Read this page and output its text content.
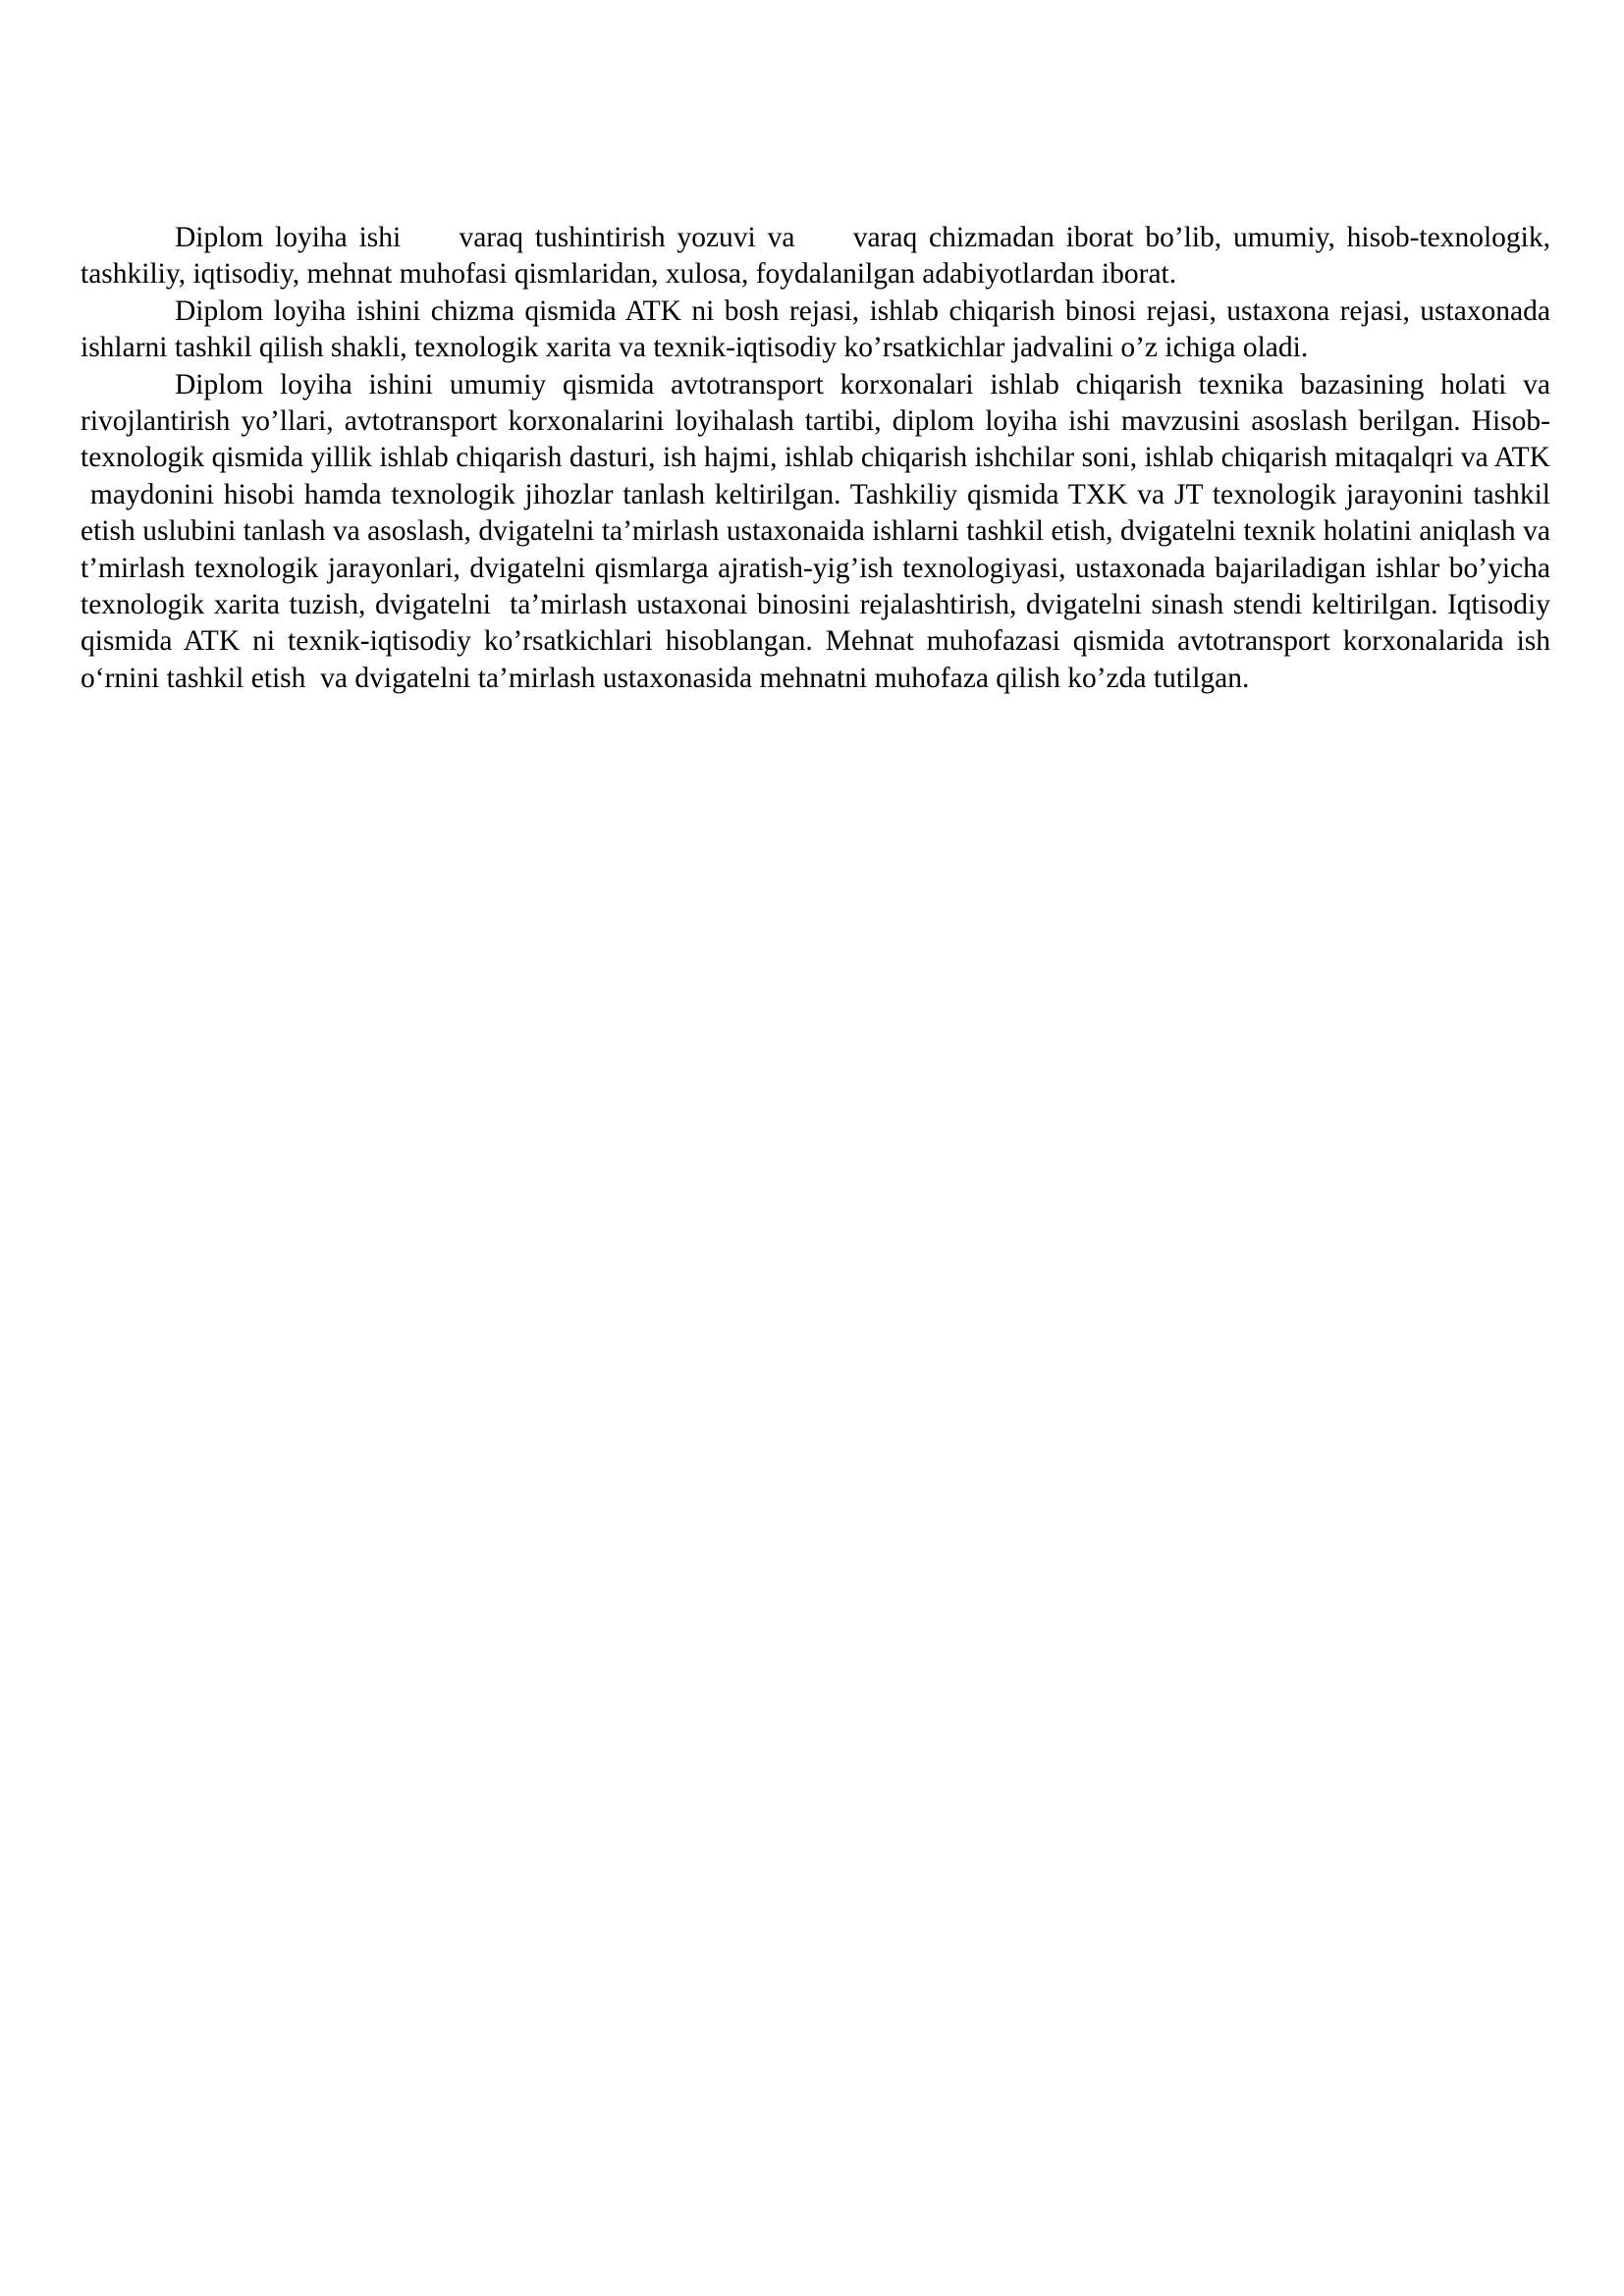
Diplom loyiha ishi     varaq tushintirish yozuvi va     varaq chizmadan iborat bo’lib, umumiy, hisob-texnologik, tashkiliy, iqtisodiy, mehnat muhofasi qismlaridan, xulosa, foydalanilgan adabiyotlardan iborat.

Diplom loyiha ishini chizma qismida ATK ni bosh rejasi, ishlab chiqarish binosi rejasi, ustaxona rejasi, ustaxonada ishlarni tashkil qilish shakli, texnologik xarita va texnik-iqtisodiy ko’rsatkichlar jadvalini o’z ichiga oladi.

Diplom loyiha ishini umumiy qismida avtotransport korxonalari ishlab chiqarish texnika bazasining holati va rivojlantirish yo’llari, avtotransport korxonalarini loyihalash tartibi, diplom loyiha ishi mavzusini asoslash berilgan. Hisob-texnologik qismida yillik ishlab chiqarish dasturi, ish hajmi, ishlab chiqarish ishchilar soni, ishlab chiqarish mitaqalqri va ATK  maydonini hisobi hamda texnologik jihozlar tanlash keltirilgan. Tashkiliy qismida TXK va JT texnologik jarayonini tashkil etish uslubini tanlash va asoslash, dvigatelni ta’mirlash ustaxonaida ishlarni tashkil etish, dvigatelni texnik holatini aniqlash va t’mirlash texnologik jarayonlari, dvigatelni qismlarga ajratish-yig’ish texnologiyasi, ustaxonada bajariladigan ishlar bo’yicha texnologik xarita tuzish, dvigatelni  ta’mirlash ustaxonai binosini rejalashtirish, dvigatelni sinash stendi keltirilgan. Iqtisodiy qismida ATK ni texnik-iqtisodiy ko’rsatkichlari hisoblangan. Mehnat muhofazasi qismida avtotransport korxonalarida ish o‘rnini tashkil etish  va dvigatelni ta’mirlash ustaxonasida mehnatni muhofaza qilish ko’zda tutilgan.
